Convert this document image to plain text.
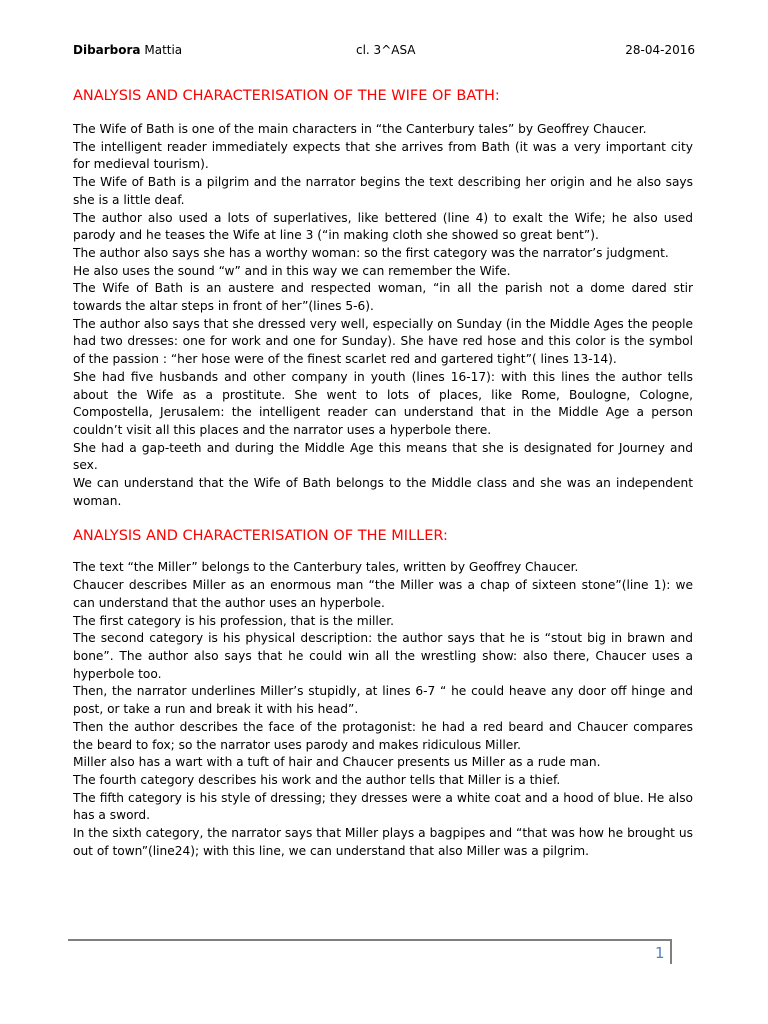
Dibarbora Mattia	cl. 3^ASA	28-04-2016
ANALYSIS AND CHARACTERISATION OF THE WIFE OF BATH:

The Wife of Bath is one of the main characters in “the Canterbury tales” by Geoffrey Chaucer.

The intelligent reader immediately expects that she arrives from Bath (it was a very important city for medieval tourism).

The Wife of Bath is a pilgrim and the narrator begins the text describing her origin and he also says she is a little deaf.

The author also used a lots of superlatives, like bettered (line 4) to exalt the Wife; he also used parody and he teases the Wife at line 3 (“in making cloth she showed so great bent”).

The author also says she has a worthy woman: so the first category was the narrator’s judgment.

He also uses the sound “w” and in this way we can remember the Wife.

The Wife of Bath is an austere and respected woman, “in all the parish not a dome dared stir towards the altar steps in front of her”(lines 5-6).

The author also says that she dressed very well, especially on Sunday (in the Middle Ages the people had two dresses: one for work and one for Sunday). She have red hose and this color is the symbol of the passion : “her hose were of the finest scarlet red and gartered tight”( lines 13-14).

She had five husbands and other company in youth (lines 16-17): with this lines the author tells about the Wife as a prostitute. She went to lots of places, like Rome, Boulogne, Cologne, Compostella, Jerusalem: the intelligent reader can understand that in the Middle Age a person couldn’t visit all this places and the narrator uses a hyperbole there.

She had a gap-teeth and during the Middle Age this means that she is designated for Journey and sex.

We can understand that the Wife of Bath belongs to the Middle class and she was an independent woman.

ANALYSIS AND CHARACTERISATION OF THE MILLER:

The text “the Miller” belongs to the Canterbury tales, written by Geoffrey Chaucer.

Chaucer describes Miller as an enormous man “the Miller was a chap of sixteen stone”(line 1): we can understand that the author uses an hyperbole.

The first category is his profession, that is the miller.

The second category is his physical description: the author says that he is “stout big in brawn and bone”. The author also says that he could win all the wrestling show: also there, Chaucer uses a hyperbole too.

Then, the narrator underlines Miller’s stupidly, at lines 6-7 “ he could heave any door off hinge and post, or take a run and break it with his head”.

Then the author describes the face of the protagonist: he had a red beard and Chaucer compares the beard to fox; so the narrator uses parody and makes ridiculous Miller.

Miller also has a wart with a tuft of hair and Chaucer presents us Miller as a rude man.

The fourth category describes his work and the author tells that Miller is a thief.

The fifth category is his style of dressing; they dresses were a white coat and a hood of blue. He also has a sword.

In the sixth category, the narrator says that Miller plays a bagpipes and “that was how he brought us out of town”(line24); with this line, we can understand that also Miller was a pilgrim.

1
